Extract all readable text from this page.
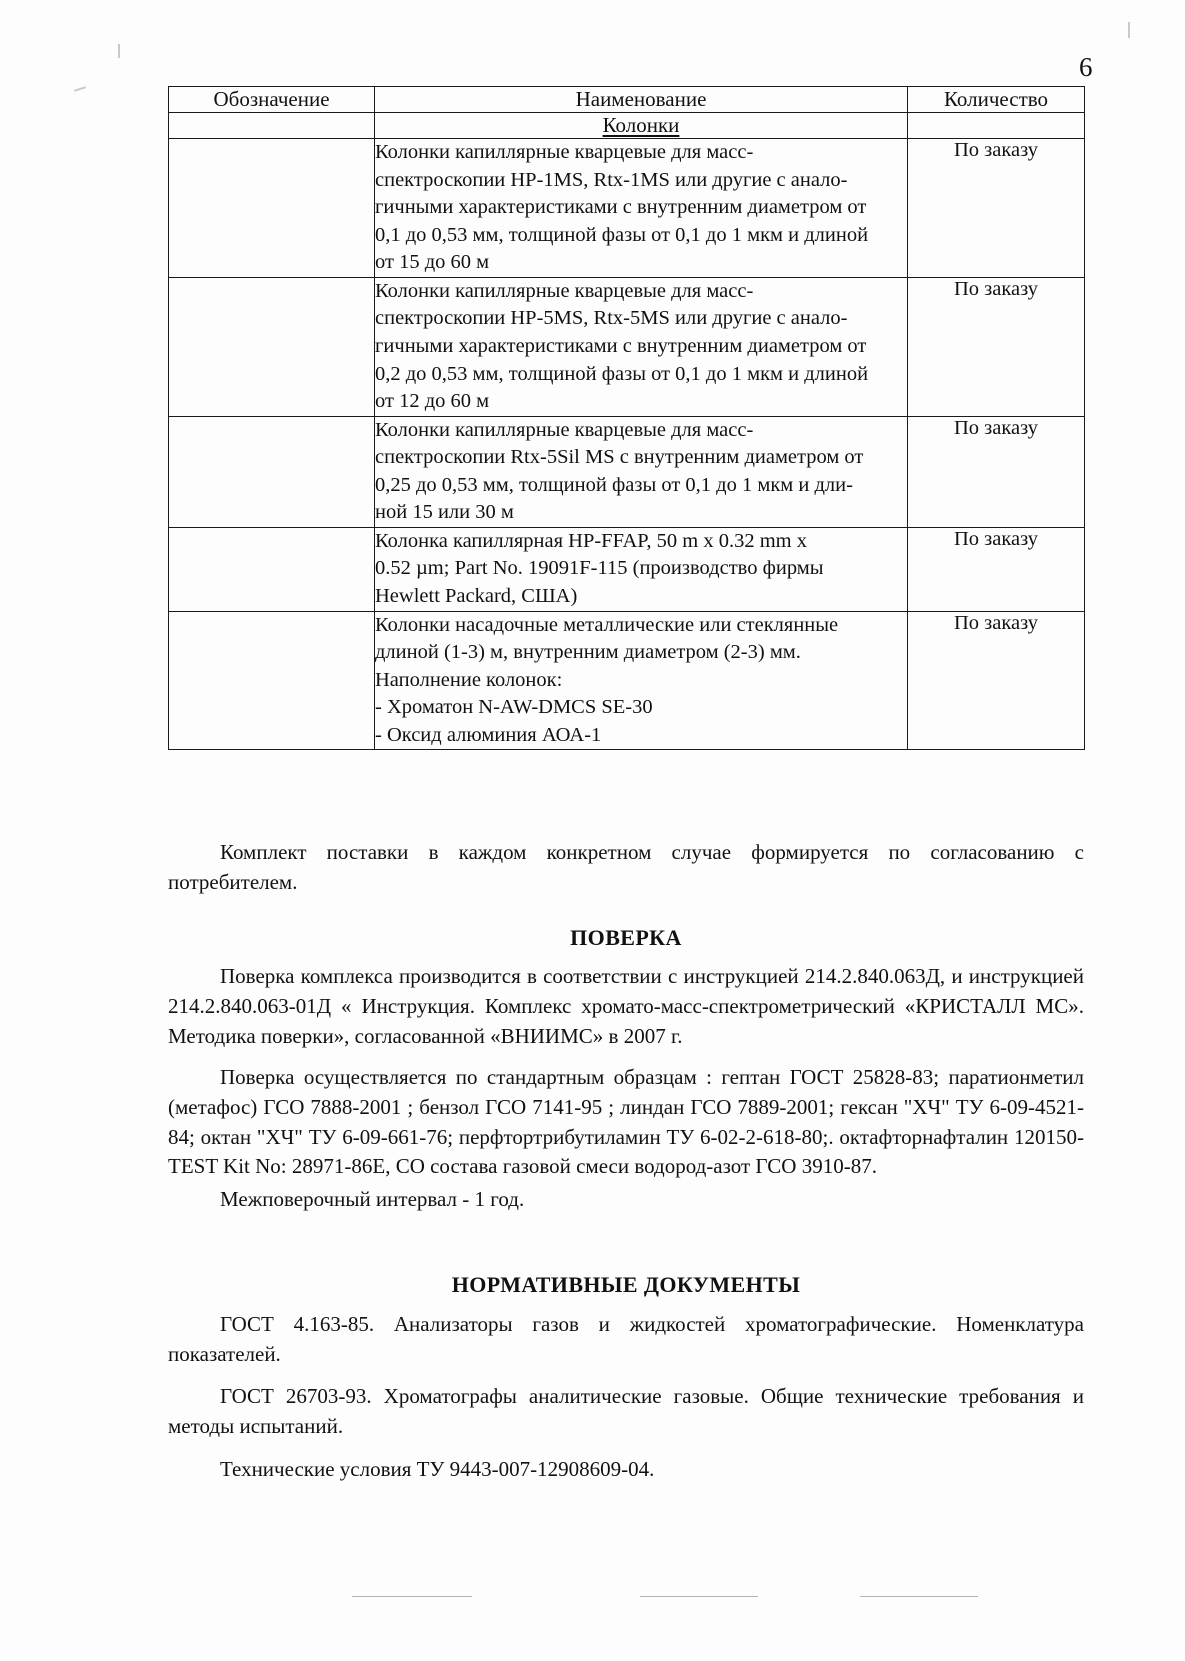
6
Обозначение	Наименование	Количество
	Колонки	

	Колонки капиллярные кварцевые для масс-
спектроскопии HP-1MS, Rtx-1MS или другие с анало-
гичными характеристиками с внутренним диаметром от
0,1 до 0,53 мм, толщиной фазы от 0,1 до 1 мкм и длиной
от 15 до 60 м	По заказу

	Колонки капиллярные кварцевые для масс-
спектроскопии HP-5MS, Rtx-5MS или другие с анало-
гичными характеристиками с внутренним диаметром от
0,2 до 0,53 мм, толщиной фазы от 0,1 до 1 мкм и длиной
от 12 до 60 м	По заказу

	Колонки капиллярные кварцевые для масс-
спектроскопии Rtx-5Sil MS с внутренним диаметром от
0,25 до 0,53 мм, толщиной фазы от 0,1 до 1 мкм и дли-
ной 15 или 30 м	По заказу

	Колонка капиллярная HP-FFAP, 50 m x 0.32 mm x
0.52 µm; Part No. 19091F-115 (производство фирмы
Hewlett Packard, США)	По заказу

	Колонки насадочные металлические или стеклянные
длиной (1-3) м, внутренним диаметром (2-3) мм.
Наполнение колонок:
- Хроматон N-AW-DMCS SE-30
- Оксид алюминия АОА-1	По заказу

Комплект поставки в каждом конкретном случае формируется по согласованию с потребителем.

ПОВЕРКА

Поверка комплекса производится в соответствии с инструкцией 214.2.840.063Д, и инструкцией 214.2.840.063-01Д « Инструкция. Комплекс хромато-масс-спектрометрический «КРИСТАЛЛ МС». Методика поверки», согласованной «ВНИИМС» в 2007 г.

Поверка осуществляется по стандартным образцам : гептан ГОСТ 25828-83; паратионметил (метафос) ГСО 7888-2001 ; бензол ГСО 7141-95 ; линдан ГСО 7889-2001; гексан "ХЧ" ТУ 6-09-4521-84; октан "ХЧ" ТУ 6-09-661-76; перфтортрибутиламин ТУ 6-02-2-618-80;. октафторнафталин 120150-TEST Kit No: 28971-86E, СО состава газовой смеси водород-азот ГСО 3910-87.

Межповерочный интервал - 1 год.

НОРМАТИВНЫЕ ДОКУМЕНТЫ

ГОСТ 4.163-85. Анализаторы газов и жидкостей хроматографические. Номенклатура показателей.

ГОСТ 26703-93. Хроматографы аналитические газовые. Общие технические требования и методы испытаний.

Технические условия ТУ 9443-007-12908609-04.
